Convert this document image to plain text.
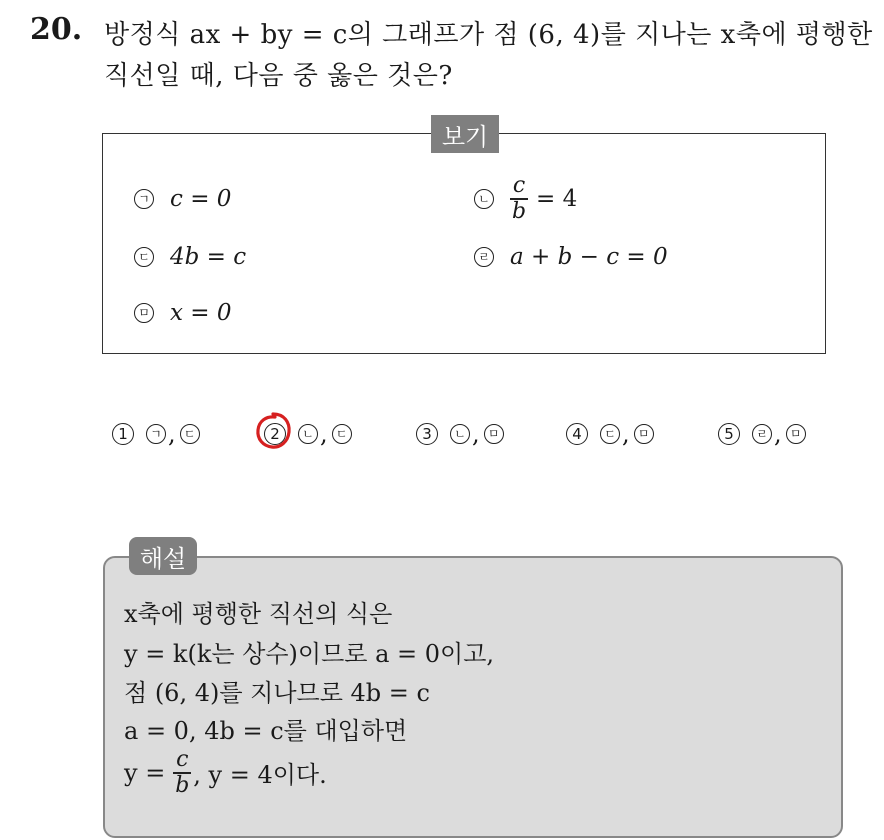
20. 방정식 ax + by = c의 그래프가 점 (6, 4)를 지나는 x축에 평행한
직선일 때, 다음 중 옳은 것은?
보기
ㄱ c = 0	ㄴ $\frac{c}{b} = 4$
ㄷ 4b = c	ㄹ a + b − c = 0
ㅁ x = 0
1	ㄱ , ㄷ	2	ㄴ , ㄷ	3	ㄴ , ㅁ	4	ㄷ , ㅁ	5	ㄹ , ㅁ
해설
x축에 평행한 직선의 식은
y = k(k는 상수)이므로 a = 0이고,
점 (6, 4)를 지나므로 4b = c
a = 0, 4b = c를 대입하면
$y = \frac{c}{b}$ , y = 4이다.
